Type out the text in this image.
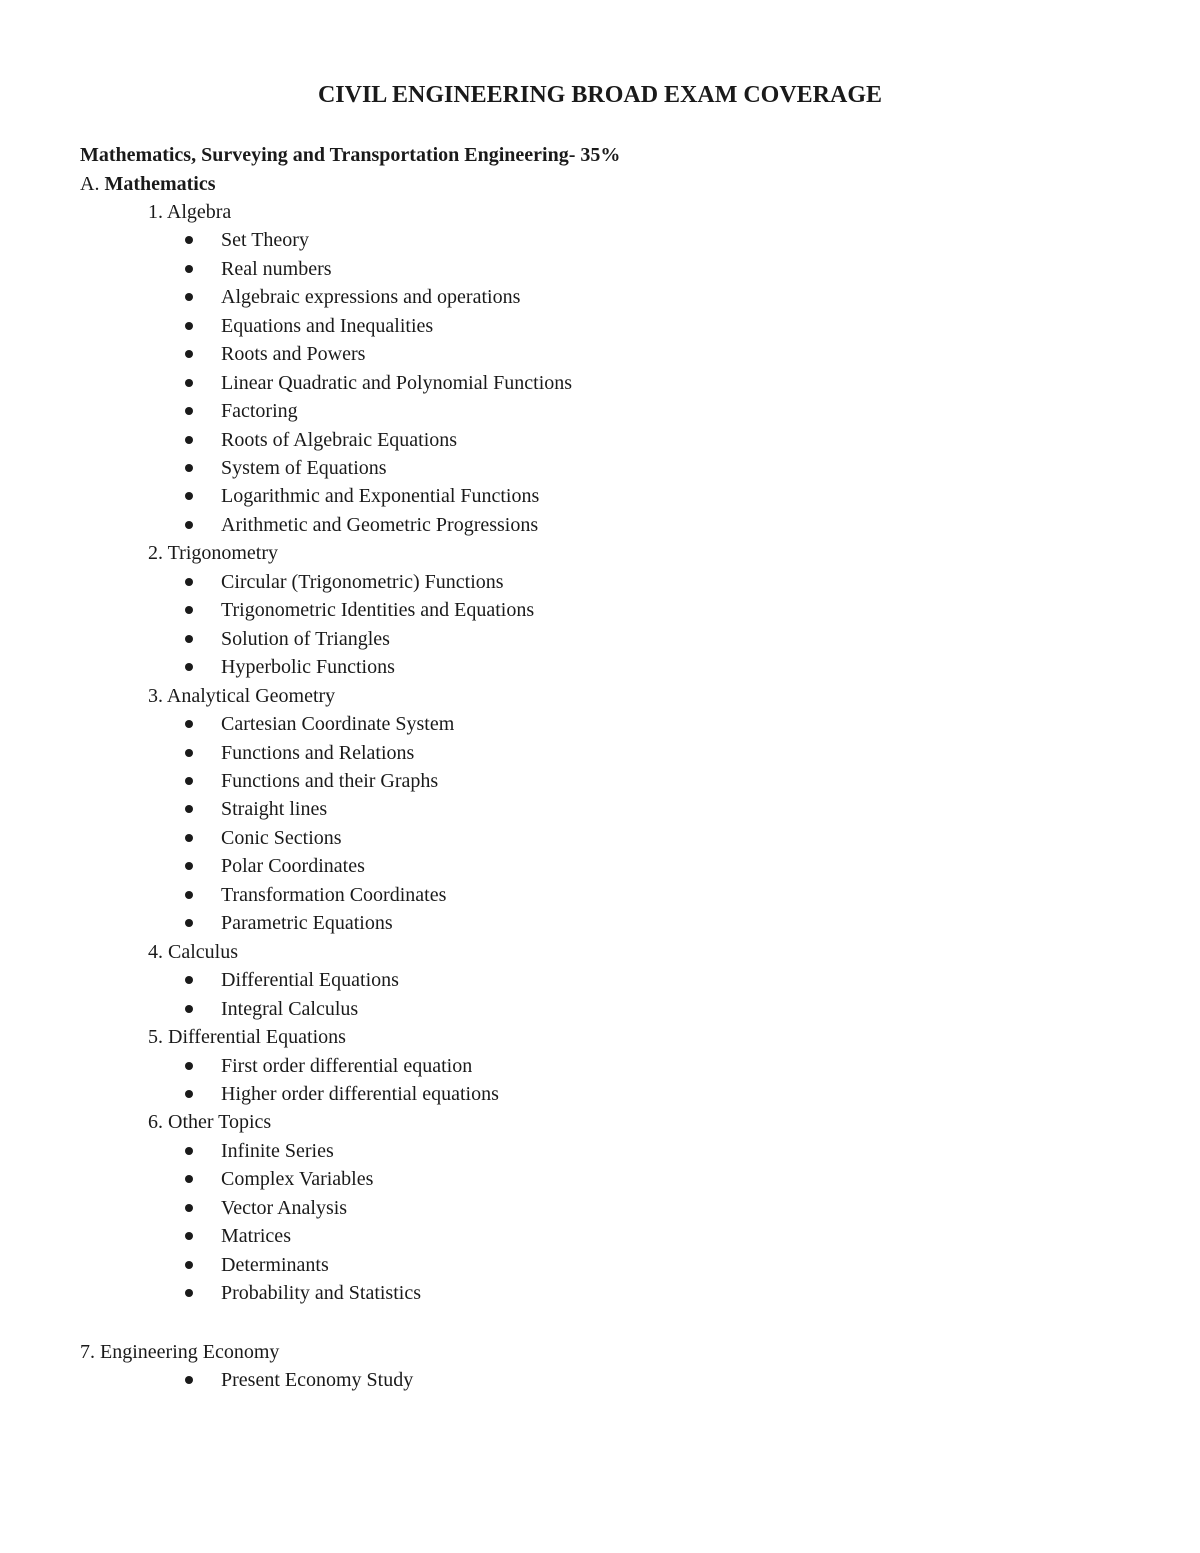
CIVIL ENGINEERING BROAD EXAM COVERAGE
Mathematics, Surveying and Transportation Engineering- 35%
A. Mathematics
1. Algebra
Set Theory
Real numbers
Algebraic expressions and operations
Equations and Inequalities
Roots and Powers
Linear Quadratic and Polynomial Functions
Factoring
Roots of Algebraic Equations
System of Equations
Logarithmic and Exponential Functions
Arithmetic and Geometric Progressions
2. Trigonometry
Circular (Trigonometric) Functions
Trigonometric Identities and Equations
Solution of Triangles
Hyperbolic Functions
3. Analytical Geometry
Cartesian Coordinate System
Functions and Relations
Functions and their Graphs
Straight lines
Conic Sections
Polar Coordinates
Transformation Coordinates
Parametric Equations
4. Calculus
Differential Equations
Integral Calculus
5. Differential Equations
First order differential equation
Higher order differential equations
6. Other Topics
Infinite Series
Complex Variables
Vector Analysis
Matrices
Determinants
Probability and Statistics
7. Engineering Economy
Present Economy Study
